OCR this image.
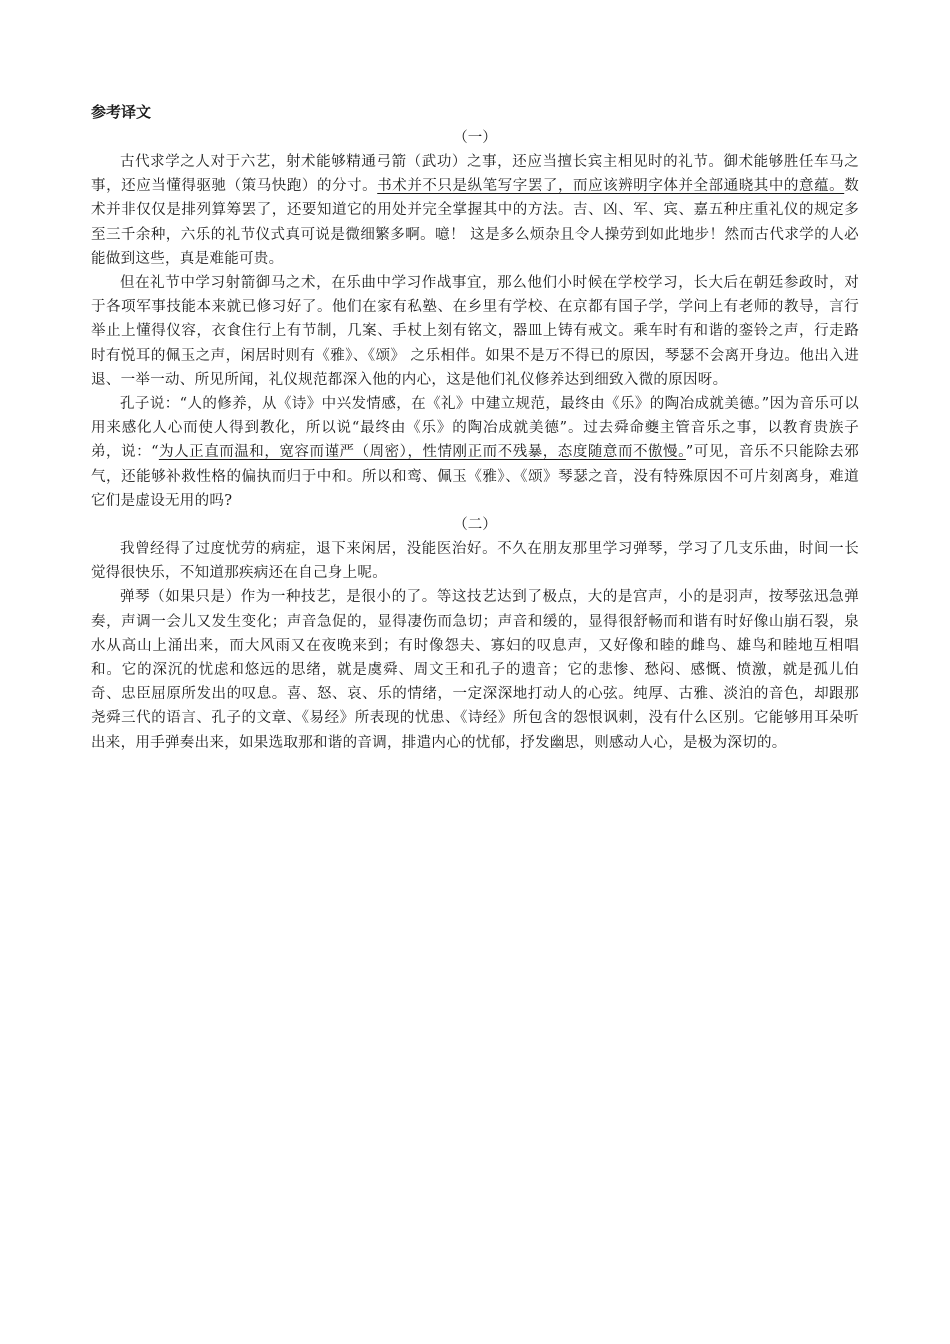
参考译文
（一）

古代求学之人对于六艺，射术能够精通弓箭（武功）之事，还应当擅长宾主相见时的礼节。御术能够胜任车马之事，还应当懂得驱驰（策马快跑）的分寸。书术并不只是纵笔写字罢了，而应该辨明字体并全部通晓其中的意蕴。数术并非仅仅是排列算筹罢了，还要知道它的用处并完全掌握其中的方法。吉、凶、军、宾、嘉五种庄重礼仪的规定多至三千余种，六乐的礼节仪式真可说是微细繁多啊。噫！ 这是多么烦杂且令人操劳到如此地步！然而古代求学的人必能做到这些，真是难能可贵。

但在礼节中学习射箭御马之术，在乐曲中学习作战事宜，那么他们小时候在学校学习，长大后在朝廷参政时，对于各项军事技能本来就已修习好了。他们在家有私塾、在乡里有学校、在京都有国子学，学问上有老师的教导，言行举止上懂得仪容，衣食住行上有节制，几案、手杖上刻有铭文，器皿上铸有戒文。乘车时有和谐的銮铃之声，行走路时有悦耳的佩玉之声，闲居时则有《雅》、《颂》 之乐相伴。如果不是万不得已的原因，琴瑟不会离开身边。他出入进退、一举一动、所见所闻，礼仪规范都深入他的内心，这是他们礼仪修养达到细致入微的原因呀。

孔子说：“人的修养，从《诗》中兴发情感，在《礼》中建立规范，最终由《乐》的陶冶成就美德。”因为音乐可以用来感化人心而使人得到教化，所以说“最终由《乐》的陶冶成就美德”。过去舜命夔主管音乐之事，以教育贵族子弟，说：“为人正直而温和，宽容而谨严（周密），性情刚正而不残暴，态度随意而不傲慢。”可见，音乐不只能除去邪气，还能够补救性格的偏执而归于中和。所以和鸾、佩玉《雅》、《颂》琴瑟之音，没有特殊原因不可片刻离身，难道它们是虚设无用的吗?

（二）

我曾经得了过度忧劳的病症，退下来闲居，没能医治好。不久在朋友那里学习弹琴，学习了几支乐曲，时间一长觉得很快乐，不知道那疾病还在自己身上呢。

弹琴（如果只是）作为一种技艺，是很小的了。等这技艺达到了极点，大的是宫声，小的是羽声，按琴弦迅急弹奏，声调一会儿又发生变化；声音急促的，显得凄伤而急切；声音和缓的，显得很舒畅而和谐有时好像山崩石裂，泉水从高山上涌出来，而大风雨又在夜晚来到；有时像怨夫、寡妇的叹息声，又好像和睦的雌鸟、雄鸟和睦地互相唱和。它的深沉的忧虑和悠远的思绪，就是虞舜、周文王和孔子的遗音；它的悲惨、愁闷、感慨、愤激，就是孤儿伯奇、忠臣屈原所发出的叹息。喜、怒、哀、乐的情绪，一定深深地打动人的心弦。纯厚、古雅、淡泊的音色，却跟那尧舜三代的语言、孔子的文章、《易经》所表现的忧患、《诗经》所包含的怨恨讽刺，没有什么区别。它能够用耳朵听出来，用手弹奏出来，如果选取那和谐的音调，排遣内心的忧郁，抒发幽思，则感动人心，是极为深切的。
